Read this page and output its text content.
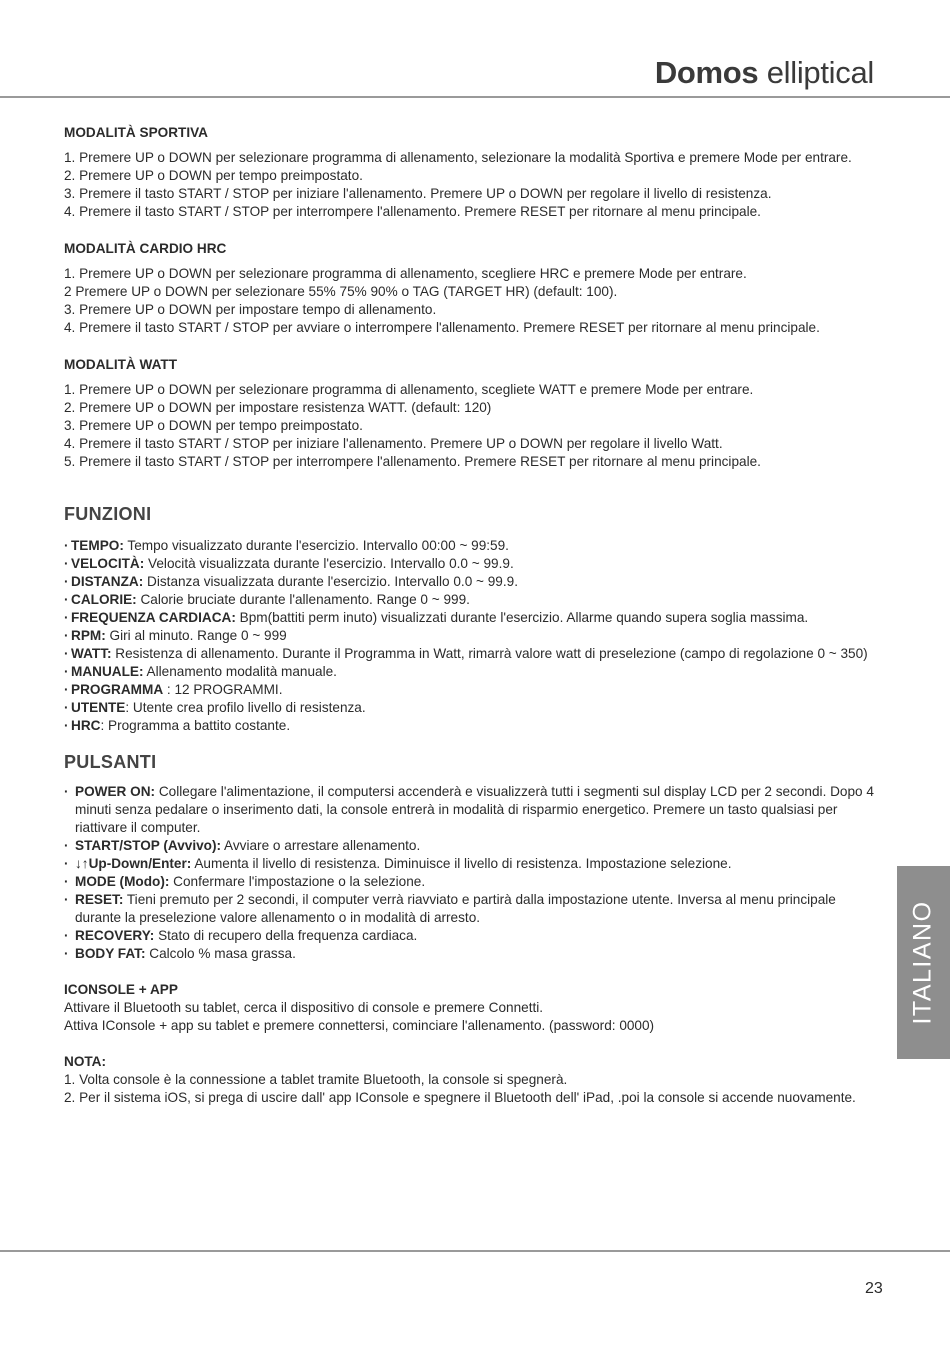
Domos elliptical

MODALITÀ SPORTIVA

1. Premere UP o DOWN per selezionare programma di allenamento, selezionare la modalità Sportiva e premere Mode per entrare.

2. Premere UP o DOWN per tempo preimpostato.

3. Premere il tasto START / STOP per iniziare l'allenamento. Premere UP o DOWN per regolare il livello di resistenza.

4. Premere il tasto START / STOP per interrompere l'allenamento. Premere RESET per ritornare al menu principale.

MODALITÀ CARDIO HRC

1. Premere UP o DOWN per selezionare programma di allenamento, scegliere HRC e premere Mode per entrare.

2 Premere UP o DOWN per selezionare 55% 75% 90% o TAG (TARGET HR) (default: 100).

3. Premere UP o DOWN per impostare tempo di allenamento.

4. Premere il tasto START / STOP per avviare o interrompere l'allenamento. Premere RESET per ritornare al menu principale.

MODALITÀ WATT

1. Premere UP o DOWN per selezionare programma di allenamento, scegliete WATT e premere Mode per entrare.

2. Premere UP o DOWN per impostare resistenza WATT. (default: 120)

3. Premere UP o DOWN per tempo preimpostato.

4. Premere il tasto START / STOP per iniziare l'allenamento. Premere UP o DOWN per regolare il livello Watt.

5. Premere il tasto START / STOP per interrompere l'allenamento. Premere RESET per ritornare al menu principale.

FUNZIONI
· TEMPO: Tempo visualizzato durante l'esercizio. Intervallo 00:00 ~ 99:59.
· VELOCITÀ: Velocità visualizzata durante l'esercizio. Intervallo 0.0 ~ 99.9.
· DISTANZA: Distanza visualizzata durante l'esercizio. Intervallo 0.0 ~ 99.9.
· CALORIE: Calorie bruciate durante l'allenamento. Range 0 ~ 999.
· FREQUENZA CARDIACA: Bpm(battiti perm inuto) visualizzati durante l'esercizio. Allarme quando supera soglia massima.
· RPM: Giri al minuto. Range 0 ~ 999
· WATT: Resistenza di allenamento. Durante il Programma in Watt, rimarrà valore watt di preselezione (campo di regolazione 0 ~ 350)
· MANUALE: Allenamento modalità manuale.
· PROGRAMMA : 12 PROGRAMMI.
· UTENTE: Utente crea profilo livello di resistenza.
· HRC: Programma a battito costante.
PULSANTI
· POWER ON: Collegare l'alimentazione, il computersi accenderà e visualizzerà tutti i segmenti sul display LCD per 2 secondi. Dopo 4 minuti senza pedalare o inserimento dati, la console entrerà in modalità di risparmio energetico. Premere un tasto qualsiasi per riattivare il computer.
· START/STOP (Avvivo): Avviare o arrestare allenamento.
· ↓↑Up-Down/Enter: Aumenta il livello di resistenza. Diminuisce il livello di resistenza. Impostazione selezione.
· MODE (Modo): Confermare l'impostazione o la selezione.
· RESET: Tieni premuto per 2 secondi, il computer verrà riavviato e partirà dalla impostazione utente. Inversa al menu principale durante la preselezione valore allenamento o in modalità di arresto.
· RECOVERY: Stato di recupero della frequenza cardiaca.
· BODY FAT: Calcolo % masa grassa.

ICONSOLE + APP

Attivare il Bluetooth su tablet, cerca il dispositivo di console e premere Connetti.

Attiva IConsole + app su tablet e premere connettersi, cominciare l'allenamento. (password: 0000)

NOTA:

1. Volta console è la connessione a tablet tramite Bluetooth, la console si spegnerà.

2. Per il sistema iOS, si prega di uscire dall' app IConsole e spegnere il Bluetooth dell' iPad, .poi la console si accende nuovamente.

ITALIANO
23
